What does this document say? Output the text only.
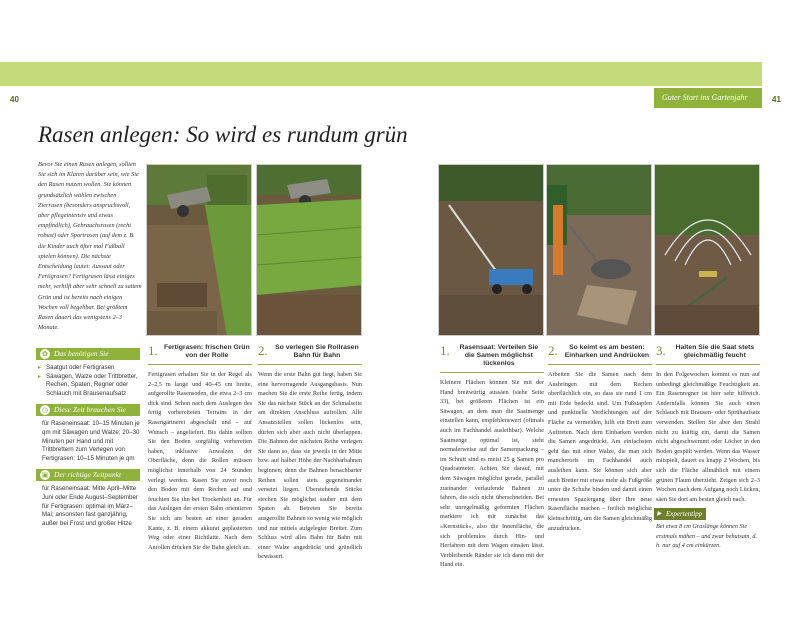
40	41
Guter Start ins Gartenjahr
Rasen anlegen: So wird es rundum grün
Bevor Sie einen Rasen anlegen, sollten Sie sich im Klaren darüber sein, wie Sie den Rasen nutzen wollen. Sie können grundsätzlich wählen zwischen Zierrasen (besonders anspruchsvoll, aber pflegeintensiv und etwas empfindlich), Gebrauchsrasen (recht robust) oder Sportrasen (auf dem z. B. die Kinder auch öfter mal Fußball spielen können). Die nächste Entscheidung lautet: Aussaat oder Fertigrasen? Fertigrasen lässt einiges mehr, verhilft aber sehr schnell zu sattem Grün und ist bereits nach einigen Wochen voll begehbar. Bei größtem Rasen dauert das wenigstens 2–3 Monate.
✿ Das benötigen Sie
▸ Saatgut oder Fertigrasen
▸ Säwagen, Walze oder Trittbretter, Rechen, Spaten, Regner oder Schlauch mit Brausenaufsatz
◷ Diese Zeit brauchen Sie
für Raseneinsaat: 10–15 Minuten je qm mit Säwagen und Walze; 20–30 Minuten per Hand und mit Trittbrettern zum Verlegen von Fertigrasen: 10–15 Minuten je qm
▣ Der richtige Zeitpunkt
für Raseneinsaat: Mitte April–Mitte Juni oder Ende August–September für Fertigrasen: optimal im März–Mai; ansonsten fast ganzjährig, außer bei Frost und großer Hitze
1. Fertigrasen: frischen Grün von der Rolle
Fertigrasen erhalten Sie in der Regel als 2–2,5 m lange und 40–45 cm breite, aufgerollte Rasensoden, die etwa 2–3 cm dick sind. Schon nach dem Auslegen des fertig vorbereiteten Terrains in der Rasengärtnerei abgeschält und – auf Wunsch – angeliefert. Bis dahin sollten Sie den Boden sorgfältig vorbereiten haben, inklusive Anwalzen der Oberfläche, denn die Rollen müssen möglichst innerhalb von 24 Stunden verlegt werden. Rasen Sie zuvor noch den Boden mit dem Rechen auf und feuchten Sie ihn bei Trockenheit an. Für das Auslegen der ersten Bahn orientieren Sie sich am besten an einer geraden Kante, z. B. einem akkurat geplasterten Weg oder einer Richtlatte. Nach dem Anrollen drücken Sie die Bahn gleich an.
2.	So verlegen Sie Rollrasen Bahn für Bahn
Wenn die erste Bahn gut liegt, haben Sie eine hervorragende Ausgangsbasis. Nun machen Sie die erste Reihe fertig, indem Sie das nächste Stück an der Schmalseite am direkten Anschluss aufrollen. Alle Ansatzstellen sollen lückenlos sein, dürfen sich aber auch nicht überlappen. Die Bahnen der nächsten Reihe verlegen Sie dann so, dass sie jeweils in der Mitte bzw. auf halber Höhe der Nachbarbahnen beginnen; denn die Bahnen benachbarter Reihen sollen stets gegeneinander versetzt liegen. Überstehende Stücke stechen Sie möglichst sauber mit dem Spaten ab. Betreten Sie bereits ausgerollte Bahnen so wenig wie möglich und nur mittels aufgelegter Bretter. Zum Schluss wird alles Bahn für Bahn mit einer Walze angedrückt und gründlich bewässert.
1.	Rasensaat: Verteilen Sie die Samen möglichst lückenlos
Kleinere Flächen können Sie mit der Hand breitwürfig aussäen (siehe Seite 33), bei größeren Flächen ist ein Säwagen, an dem man die Saatmenge einstellen kann, empfehlenswert (oftmals auch im Fachhandel ausleihbar). Welche Saatmenge optimal ist, steht normalerweise auf der Samenpackung – im Schnitt sind es meist 25 g Samen pro Quadratmeter. Achten Sie darauf, mit dem Säwagen möglichst gerade, parallel zueinander verlaufende Bahnen zu fahren, die sich nicht überschneiden. Bei sehr unregelmäßig geformten Flächen markiere ich mir zunächst das »Kernstück«, also die Innenfläche, die sich problemlos durch Hin- und Herfahren mit dem Wagen einsäen lässt. Verbleibende Ränder sie ich dann mit der Hand ein.
2.	So keimt es am besten: Einharken und Andrücken
Arbeiten Sie die Samen nach dem Ausbringen mit dem Rechen oberflächlich ein, so dass sie rund 1 cm mit Erde bedeckt sind. Um Fußstapfen und punktuelle Verdichtungen auf der Fläche zu vermeiden, hilft ein Brett zum Auftreten. Nach dem Einharken werden die Samen angedrückt. Am einfachsten geht das mit einer Walze, die man sich mancherorts im Fachhandel auch ausleihen kann. Sie können sich aber auch Bretter mit etwas mehr als Fußgröße unter die Schuhe binden und damit einen erneuten Spaziergang über Ihre neue Rasenfläche machen – freilich möglichst kleinschrittig, um die Samen gleichmäßig anzudrücken.
3.	Halten Sie die Saat stets gleichmäßig feucht
In den Folgewochen kommt es nun auf unbedingt gleichmäßige Feuchtigkeit an. Ein Rasenregner ist hier sehr hilfreich. Andernfalls können Sie auch einen Schlauch mit Brausen- oder Sprühaufsatz verwenden. Stellen Sie aber den Strahl nicht zu kräftig ein, damit die Samen nicht abgeschwemmt oder Löcher in den Boden gespült werden. Wenn das Wasser mitspielt, dauert es knapp 2 Wochen, bis sich die Fläche allmählich mit einem grünen Flaum überzieht. Zeigen sich 2–3 Wochen nach dem Aufgang noch Lücken, säen Sie dort am besten gleich nach.
▶ Expertentipp
Bei etwa 8 cm Graslänge können Sie erstmals mähen – und zwar behutsam, d. h. nur auf 4 cm einkürzen.
